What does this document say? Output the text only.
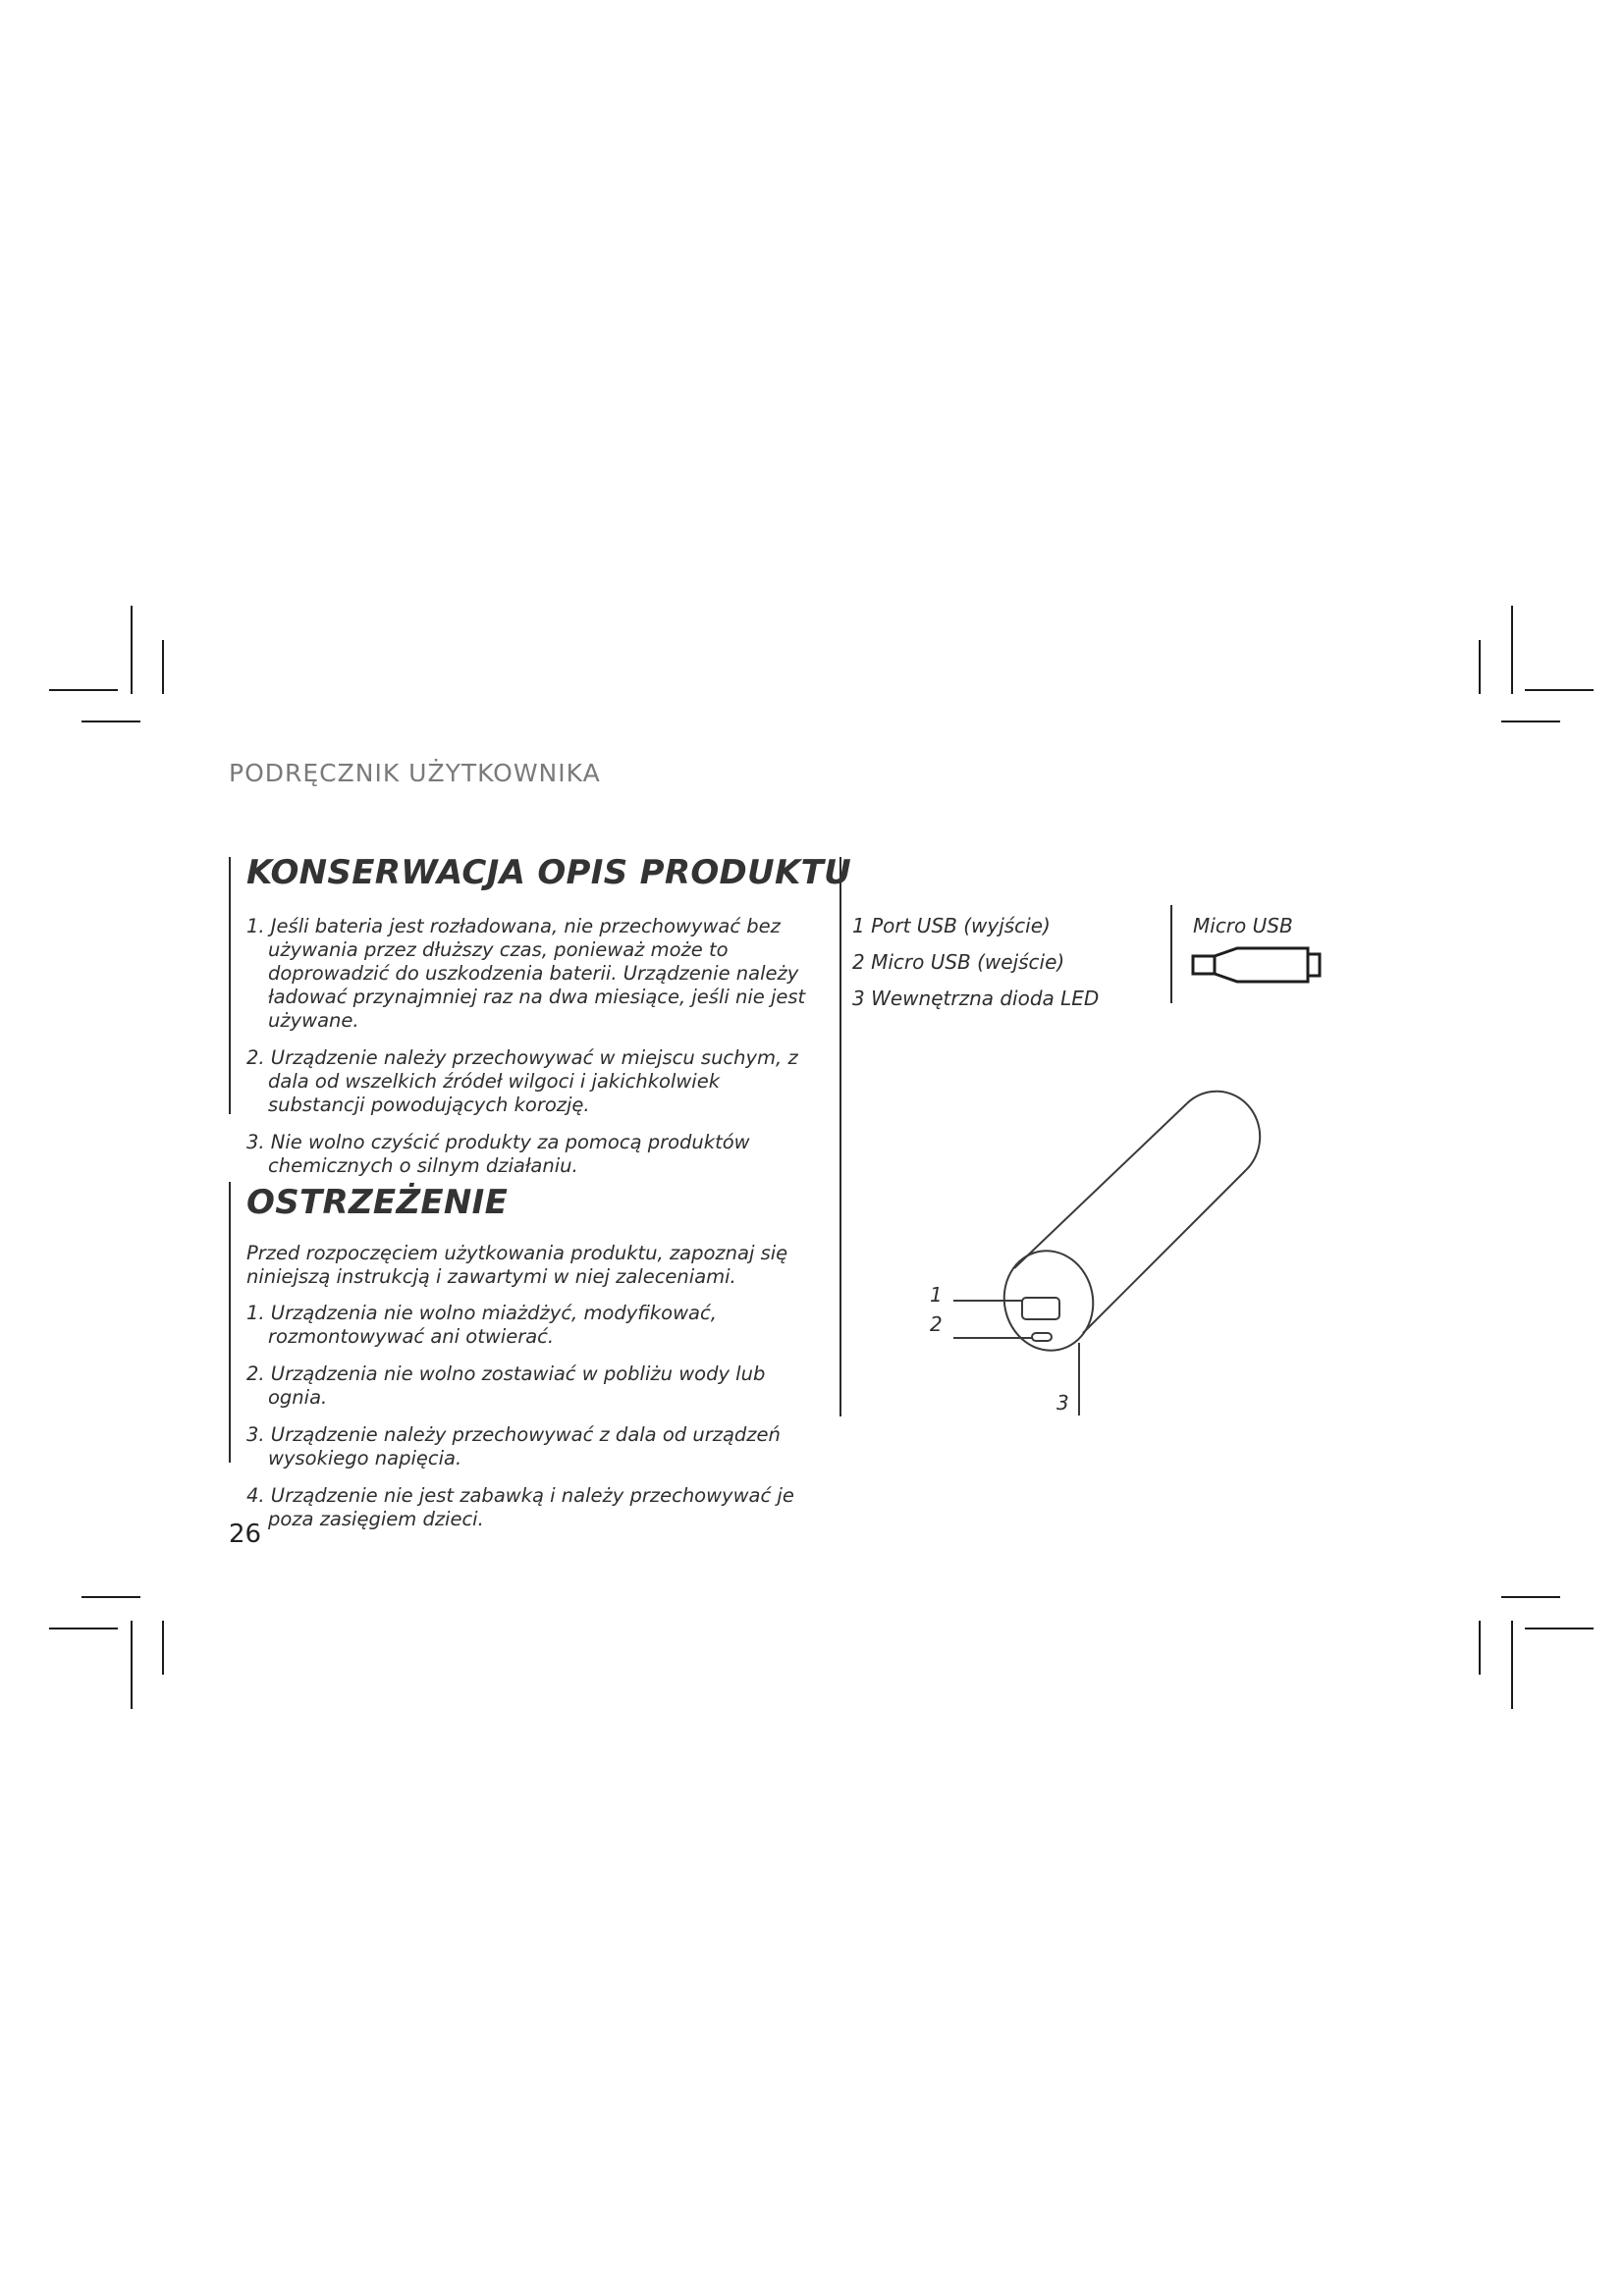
PODRĘCZNIK UŻYTKOWNIKA
KONSERWACJA OPIS PRODUKTU
1. Jeśli bateria jest rozładowana, nie przechowywać bez używania przez dłuższy czas, ponieważ może to doprowadzić do uszkodzenia baterii. Urządzenie należy ładować przynajmniej raz na dwa miesiące, jeśli nie jest używane.
2. Urządzenie należy przechowywać w miejscu suchym, z dala od wszelkich źródeł wilgoci i jakichkolwiek substancji powodujących korozję.
3. Nie wolno czyścić produkty za pomocą produktów chemicznych o silnym działaniu.
OSTRZEŻENIE
Przed rozpoczęciem użytkowania produktu, zapoznaj się niniejszą instrukcją i zawartymi w niej zaleceniami.
1. Urządzenia nie wolno miażdżyć, modyfikować, rozmontowywać ani otwierać.
2. Urządzenia nie wolno zostawiać w pobliżu wody lub ognia.
3. Urządzenie należy przechowywać z dala od urządzeń wysokiego napięcia.
4. Urządzenie nie jest zabawką i należy przechowywać je poza zasięgiem dzieci.
1 Port USB (wyjście)
2 Micro USB (wejście)
3 Wewnętrzna dioda LED
Micro USB
1
2
3
26
